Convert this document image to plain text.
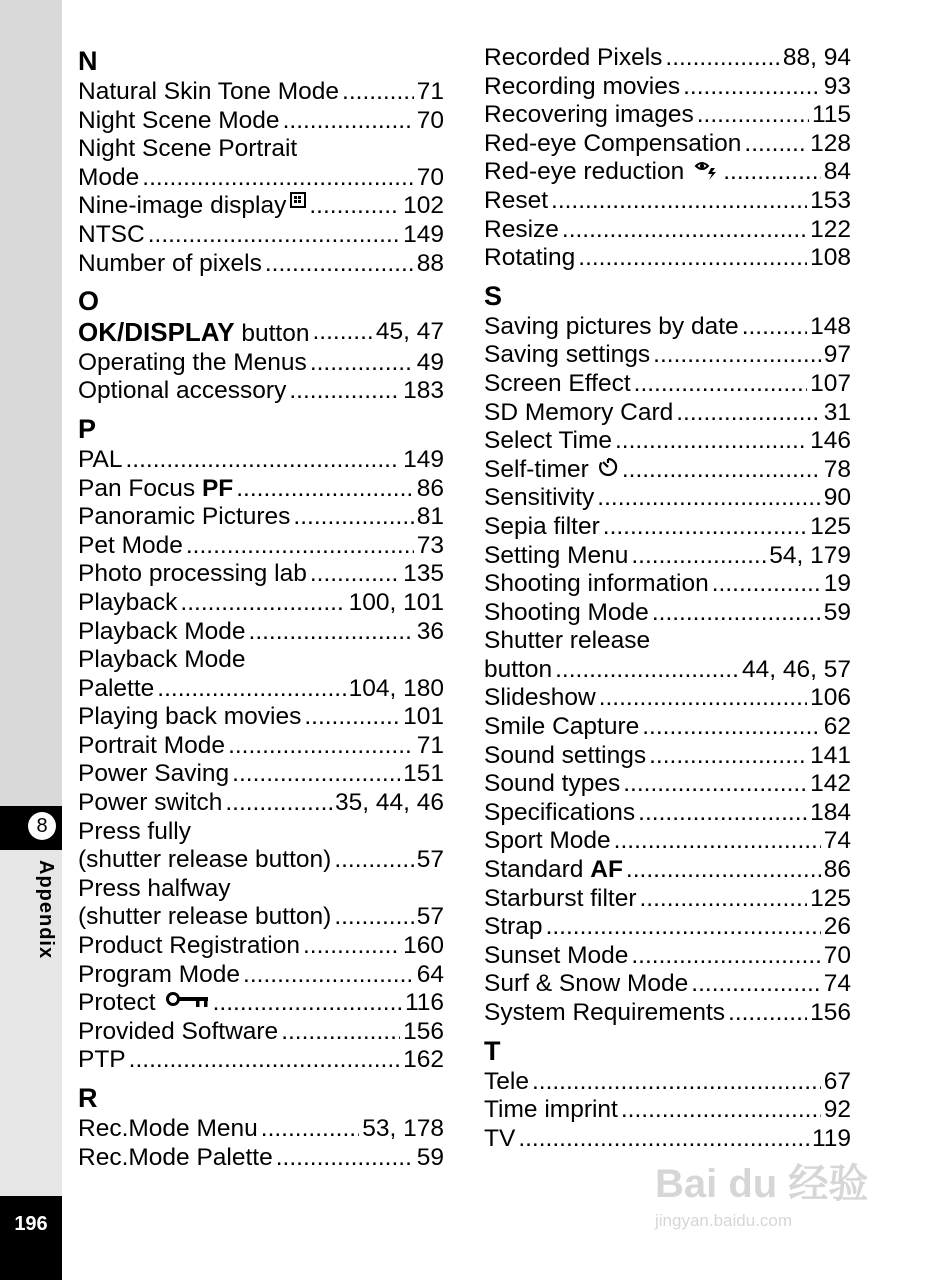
8
Appendix
196
N
Natural Skin Tone Mode .....	71
Night Scene Mode .....	70
Night Scene Portrait
Mode .....	70
Nine-image display .....	102
NTSC .....	149
Number of pixels .....	88
O
OK/DISPLAY button .....	45, 47
Operating the Menus .....	49
Optional accessory .....	183
P
PAL .....	149
Pan Focus PF .....	86
Panoramic Pictures .....	81
Pet Mode .....	73
Photo processing lab .....	135
Playback .....	100, 101
Playback Mode .....	36
Playback Mode
Palette .....	104, 180
Playing back movies .....	101
Portrait Mode .....	71
Power Saving .....	151
Power switch .....	35, 44, 46
Press fully
(shutter release button) .....	57
Press halfway
(shutter release button) .....	57
Product Registration .....	160
Program Mode .....	64
Protect .....	116
Provided Software .....	156
PTP .....	162
R
Rec.Mode Menu .....	53, 178
Rec.Mode Palette .....	59
Recorded Pixels .....	88, 94
Recording movies .....	93
Recovering images .....	115
Red-eye Compensation .....	128
Red-eye reduction .....	84
Reset .....	153
Resize .....	122
Rotating .....	108
S
Saving pictures by date .....	148
Saving settings .....	97
Screen Effect .....	107
SD Memory Card .....	31
Select Time .....	146
Self-timer .....	78
Sensitivity .....	90
Sepia filter .....	125
Setting Menu .....	54, 179
Shooting information .....	19
Shooting Mode .....	59
Shutter release
button .....	44, 46, 57
Slideshow .....	106
Smile Capture .....	62
Sound settings .....	141
Sound types .....	142
Specifications .....	184
Sport Mode .....	74
Standard AF .....	86
Starburst filter .....	125
Strap .....	26
Sunset Mode .....	70
Surf & Snow Mode .....	74
System Requirements .....	156
T
Tele .....	67
Time imprint .....	92
TV .....	119
Bai du 经验
jingyan.baidu.com
